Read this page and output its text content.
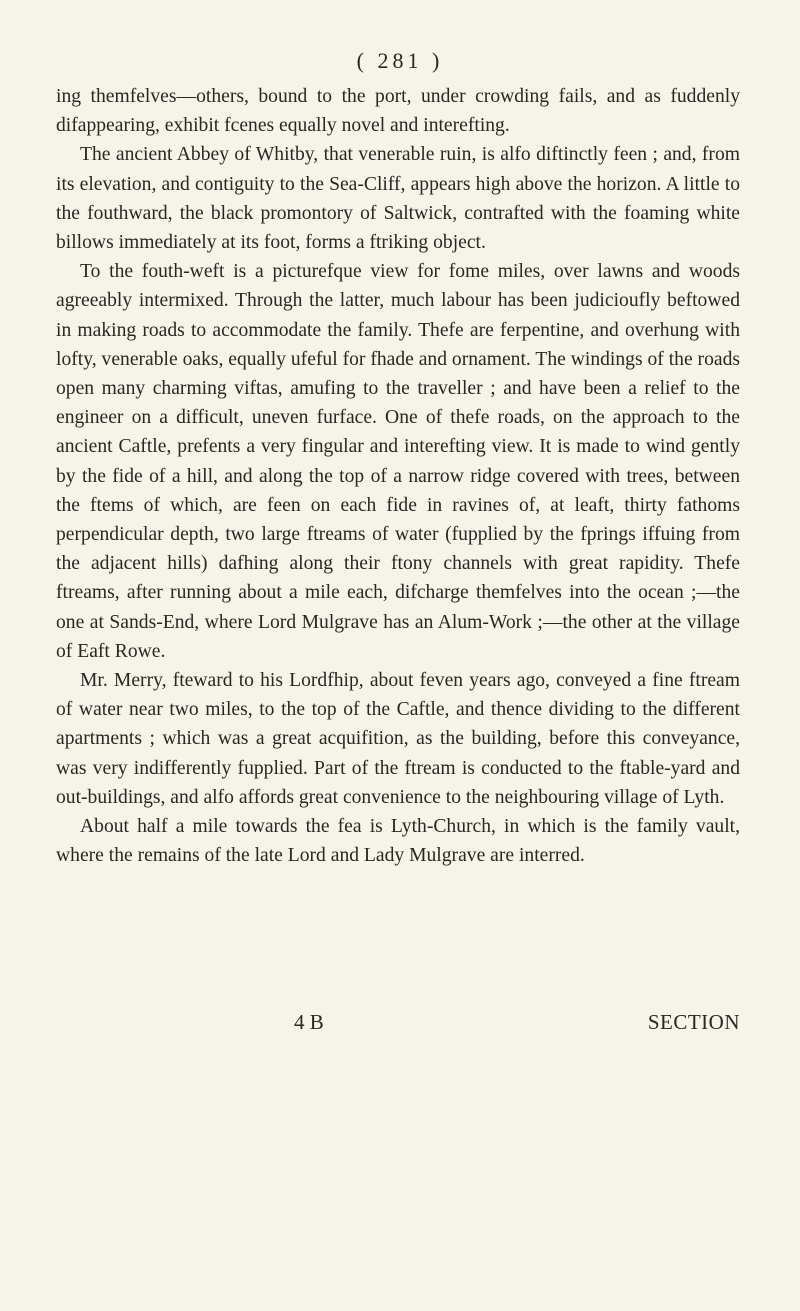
( 281 )

ing themfelves—others, bound to the port, under crowding fails, and as fuddenly difappearing, exhibit fcenes equally novel and interefting.

The ancient Abbey of Whitby, that venerable ruin, is alfo diftinctly feen ; and, from its elevation, and contiguity to the Sea-Cliff, appears high above the horizon. A little to the fouthward, the black promontory of Saltwick, contrafted with the foaming white billows immediately at its foot, forms a ftriking object.

To the fouth-weft is a picturefque view for fome miles, over lawns and woods agreeably intermixed. Through the latter, much labour has been judicioufly beftowed in making roads to accommodate the family. Thefe are ferpentine, and overhung with lofty, venerable oaks, equally ufeful for fhade and ornament. The windings of the roads open many charming viftas, amufing to the traveller ; and have been a relief to the engineer on a difficult, uneven furface. One of thefe roads, on the approach to the ancient Caftle, prefents a very fingular and interefting view. It is made to wind gently by the fide of a hill, and along the top of a narrow ridge covered with trees, between the ftems of which, are feen on each fide in ravines of, at leaft, thirty fathoms perpendicular depth, two large ftreams of water (fupplied by the fprings iffuing from the adjacent hills) dafhing along their ftony channels with great rapidity. Thefe ftreams, after running about a mile each, difcharge themfelves into the ocean ;—the one at Sands-End, where Lord Mulgrave has an Alum-Work ;—the other at the village of Eaft Rowe.

Mr. Merry, fteward to his Lordfhip, about feven years ago, conveyed a fine ftream of water near two miles, to the top of the Caftle, and thence dividing to the different apartments ; which was a great acquifition, as the building, before this conveyance, was very indifferently fupplied. Part of the ftream is conducted to the ftable-yard and out-buildings, and alfo affords great convenience to the neighbouring village of Lyth.

About half a mile towards the fea is Lyth-Church, in which is the family vault, where the remains of the late Lord and Lady Mulgrave are interred.

4 B	SECTION
